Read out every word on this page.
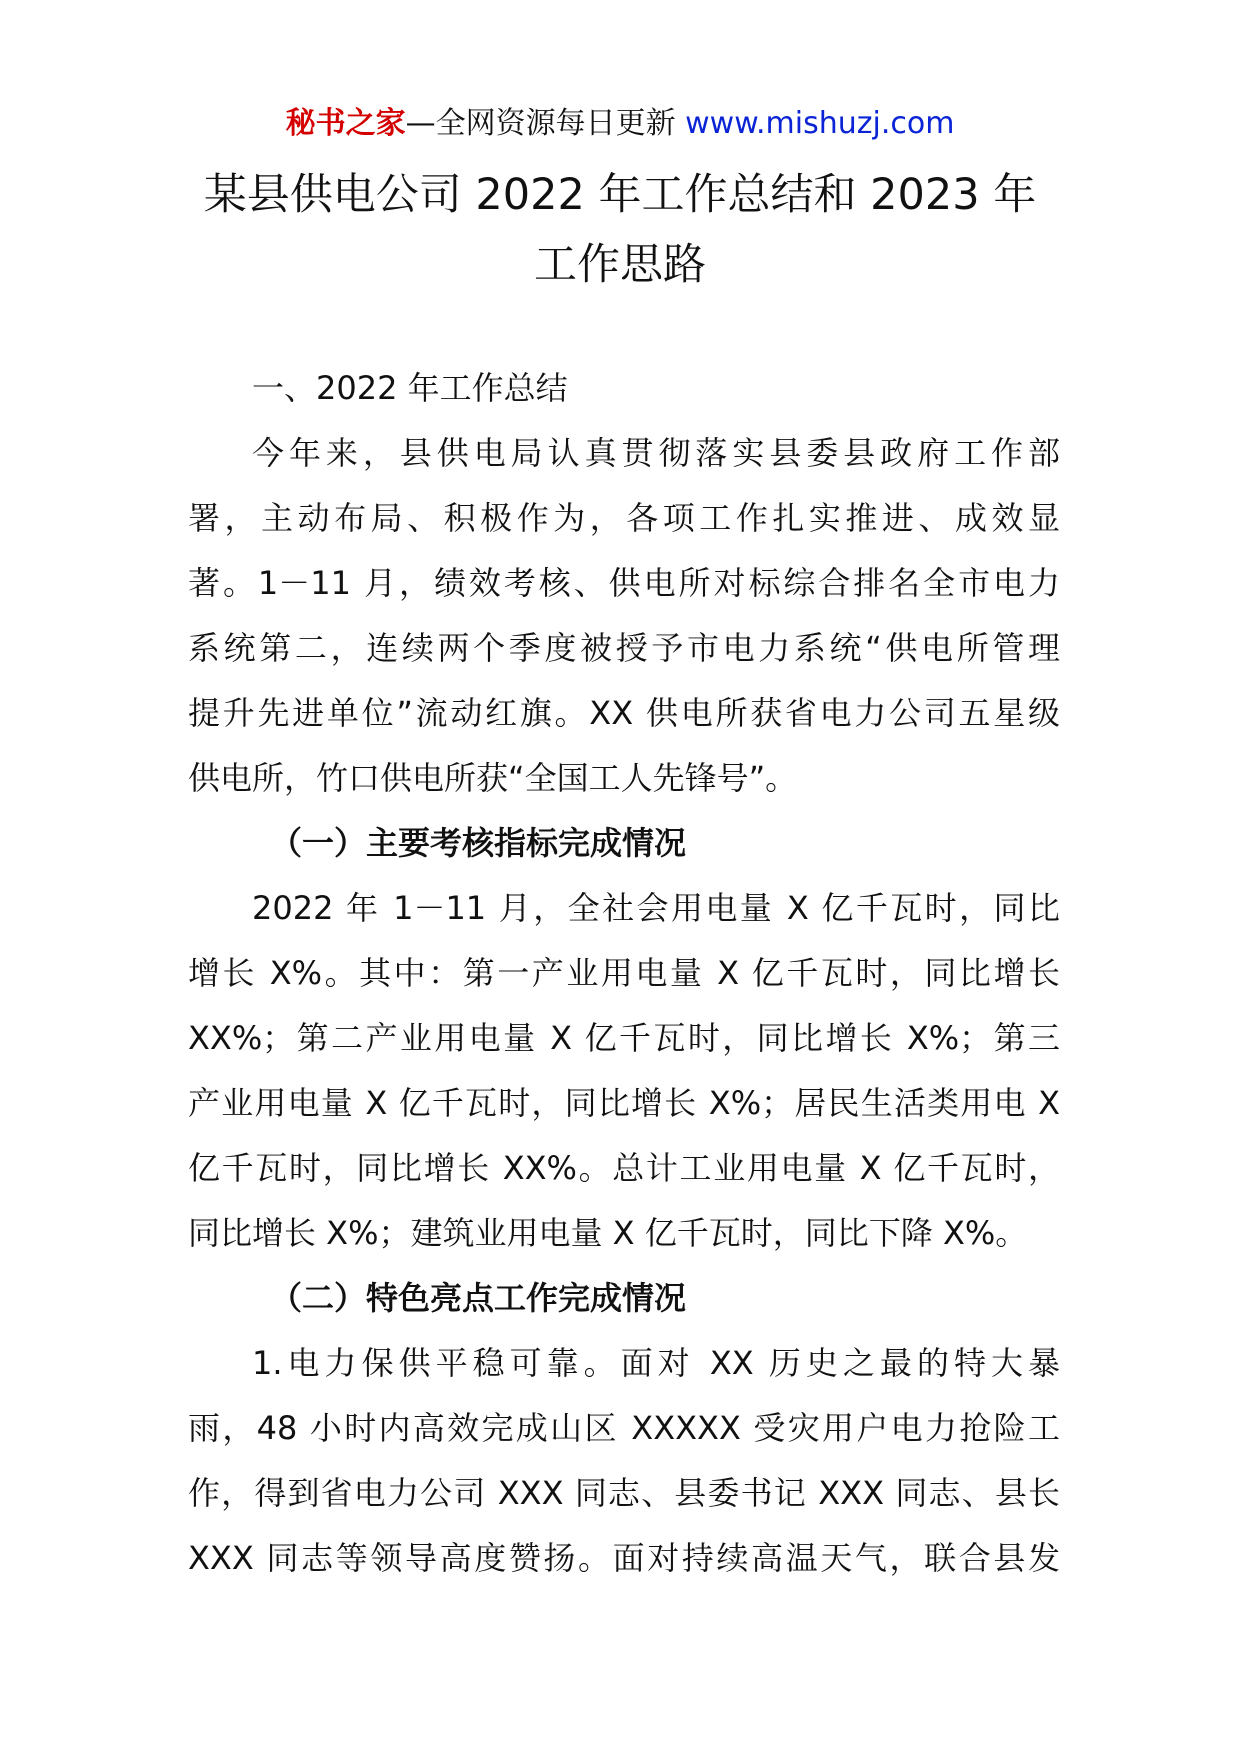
秘书之家—全网资源每日更新 www.mishuzj.com
某县供电公司 2022 年工作总结和 2023 年
工作思路

一、2022 年工作总结

今年来，县供电局认真贯彻落实县委县政府工作部

署，主动布局、积极作为，各项工作扎实推进、成效显

著。1－11 月，绩效考核、供电所对标综合排名全市电力

系统第二，连续两个季度被授予市电力系统“供电所管理

提升先进单位”流动红旗。XX 供电所获省电力公司五星级

供电所，竹口供电所获“全国工人先锋号”。

（一）主要考核指标完成情况

2022 年 1－11 月，全社会用电量 X 亿千瓦时，同比

增长 X%。其中：第一产业用电量 X 亿千瓦时，同比增长

XX%；第二产业用电量 X 亿千瓦时，同比增长 X%；第三

产业用电量 X 亿千瓦时，同比增长 X%；居民生活类用电 X

亿千瓦时，同比增长 XX%。总计工业用电量 X 亿千瓦时，

同比增长 X%；建筑业用电量 X 亿千瓦时，同比下降 X%。

（二）特色亮点工作完成情况

1.电力保供平稳可靠。面对 XX 历史之最的特大暴

雨，48 小时内高效完成山区 XXXXX 受灾用户电力抢险工

作，得到省电力公司 XXX 同志、县委书记 XXX 同志、县长

XXX 同志等领导高度赞扬。面对持续高温天气，联合县发
